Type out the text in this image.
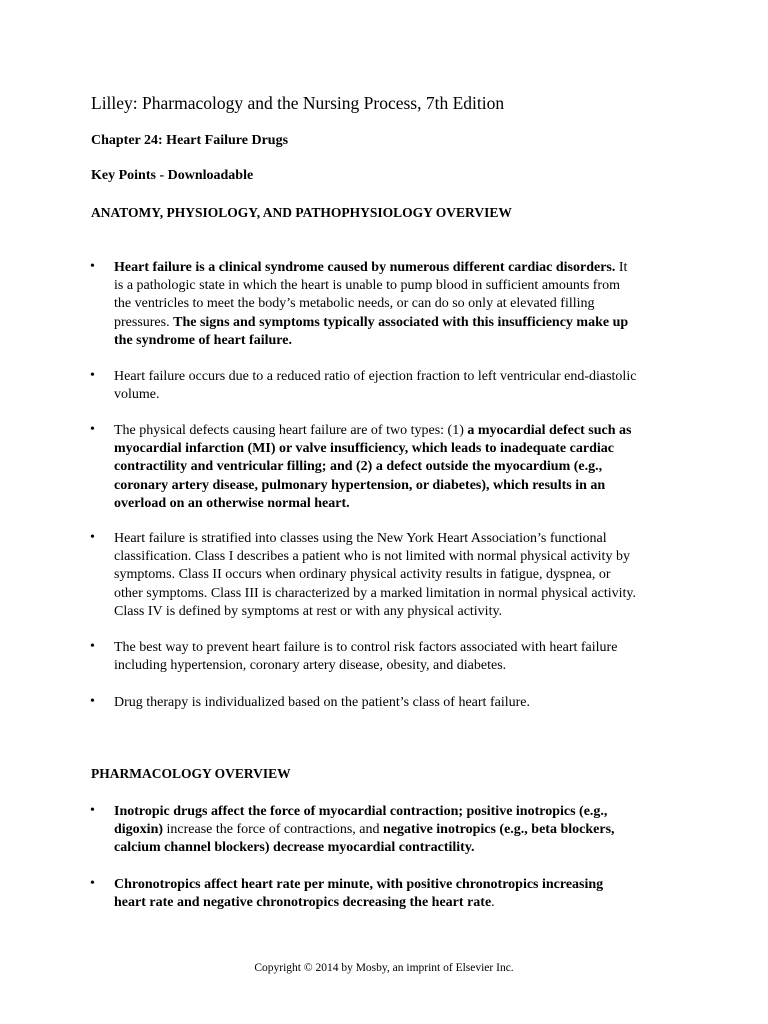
Lilley: Pharmacology and the Nursing Process, 7th Edition
Chapter 24: Heart Failure Drugs
Key Points - Downloadable
ANATOMY, PHYSIOLOGY, AND PATHOPHYSIOLOGY OVERVIEW
• Heart failure is a clinical syndrome caused by numerous different cardiac disorders. It
is a pathologic state in which the heart is unable to pump blood in sufficient amounts from
the ventricles to meet the body’s metabolic needs, or can do so only at elevated filling
pressures. The signs and symptoms typically associated with this insufficiency make up
the syndrome of heart failure.
• Heart failure occurs due to a reduced ratio of ejection fraction to left ventricular end-diastolic
volume.
• The physical defects causing heart failure are of two types: (1) a myocardial defect such as
myocardial infarction (MI) or valve insufficiency, which leads to inadequate cardiac
contractility and ventricular filling; and (2) a defect outside the myocardium (e.g.,
coronary artery disease, pulmonary hypertension, or diabetes), which results in an
overload on an otherwise normal heart.
• Heart failure is stratified into classes using the New York Heart Association’s functional
classification. Class I describes a patient who is not limited with normal physical activity by
symptoms. Class II occurs when ordinary physical activity results in fatigue, dyspnea, or
other symptoms. Class III is characterized by a marked limitation in normal physical activity.
Class IV is defined by symptoms at rest or with any physical activity.
• The best way to prevent heart failure is to control risk factors associated with heart failure
including hypertension, coronary artery disease, obesity, and diabetes.
• Drug therapy is individualized based on the patient’s class of heart failure.
PHARMACOLOGY OVERVIEW
• Inotropic drugs affect the force of myocardial contraction; positive inotropics (e.g.,
digoxin) increase the force of contractions, and negative inotropics (e.g., beta blockers,
calcium channel blockers) decrease myocardial contractility.
• Chronotropics affect heart rate per minute, with positive chronotropics increasing
heart rate and negative chronotropics decreasing the heart rate.
Copyright © 2014 by Mosby, an imprint of Elsevier Inc.
